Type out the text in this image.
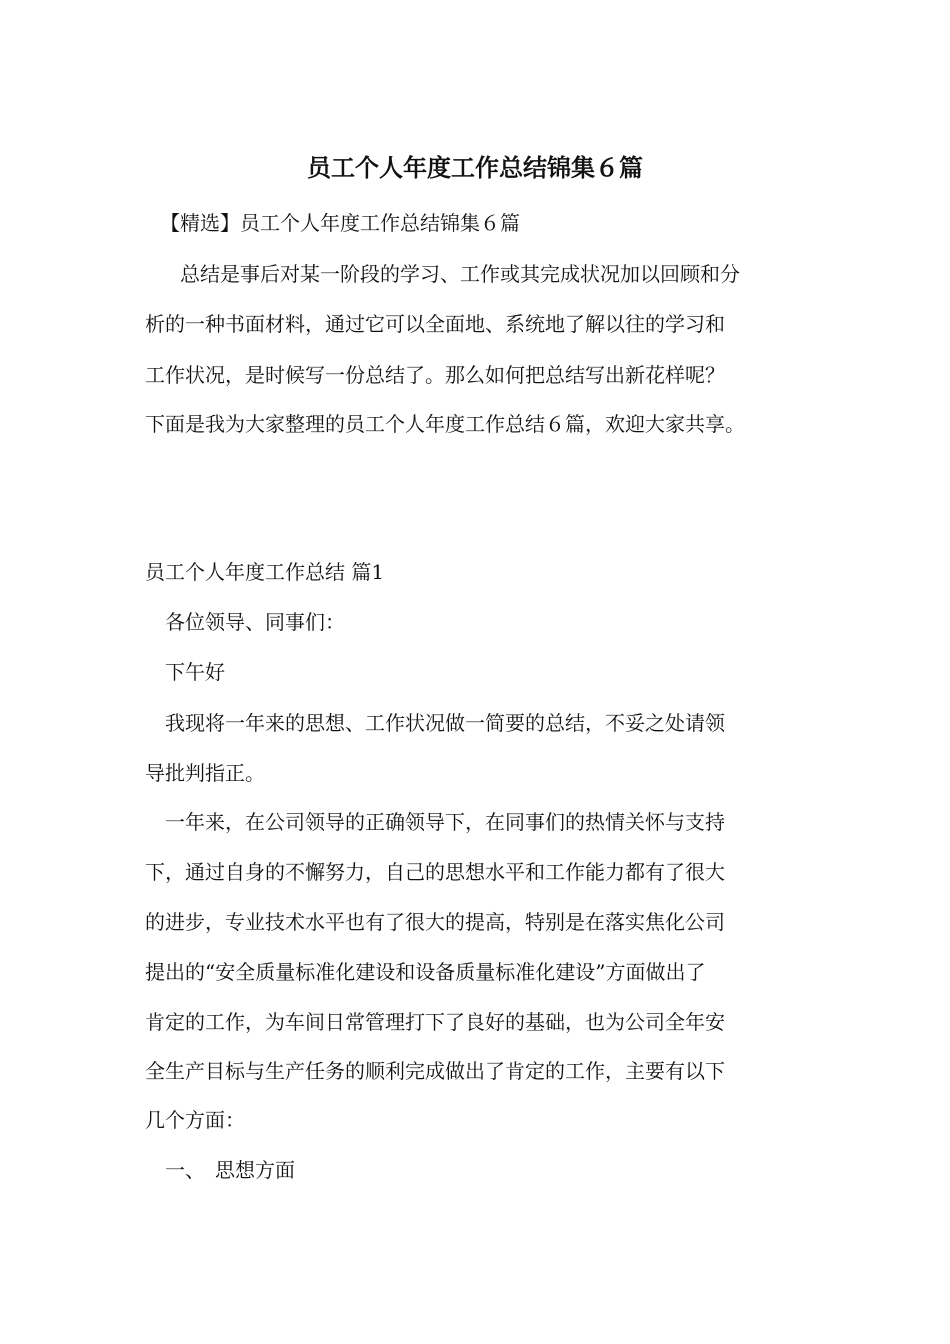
员工个人年度工作总结锦集６篇

【精选】员工个人年度工作总结锦集６篇

总结是事后对某一阶段的学习、工作或其完成状况加以回顾和分

析的一种书面材料，通过它可以全面地、系统地了解以往的学习和

工作状况，是时候写一份总结了。那么如何把总结写出新花样呢？

下面是我为大家整理的员工个人年度工作总结６篇，欢迎大家共享。

员工个人年度工作总结 篇1

各位领导、同事们：

下午好

我现将一年来的思想、工作状况做一简要的总结，不妥之处请领

导批判指正。

一年来，在公司领导的正确领导下，在同事们的热情关怀与支持

下，通过自身的不懈努力，自己的思想水平和工作能力都有了很大

的进步，专业技术水平也有了很大的提高，特别是在落实焦化公司

提出的“安全质量标准化建设和设备质量标准化建设”方面做出了

肯定的工作，为车间日常管理打下了良好的基础，也为公司全年安

全生产目标与生产任务的顺利完成做出了肯定的工作，主要有以下

几个方面：

一、　思想方面
